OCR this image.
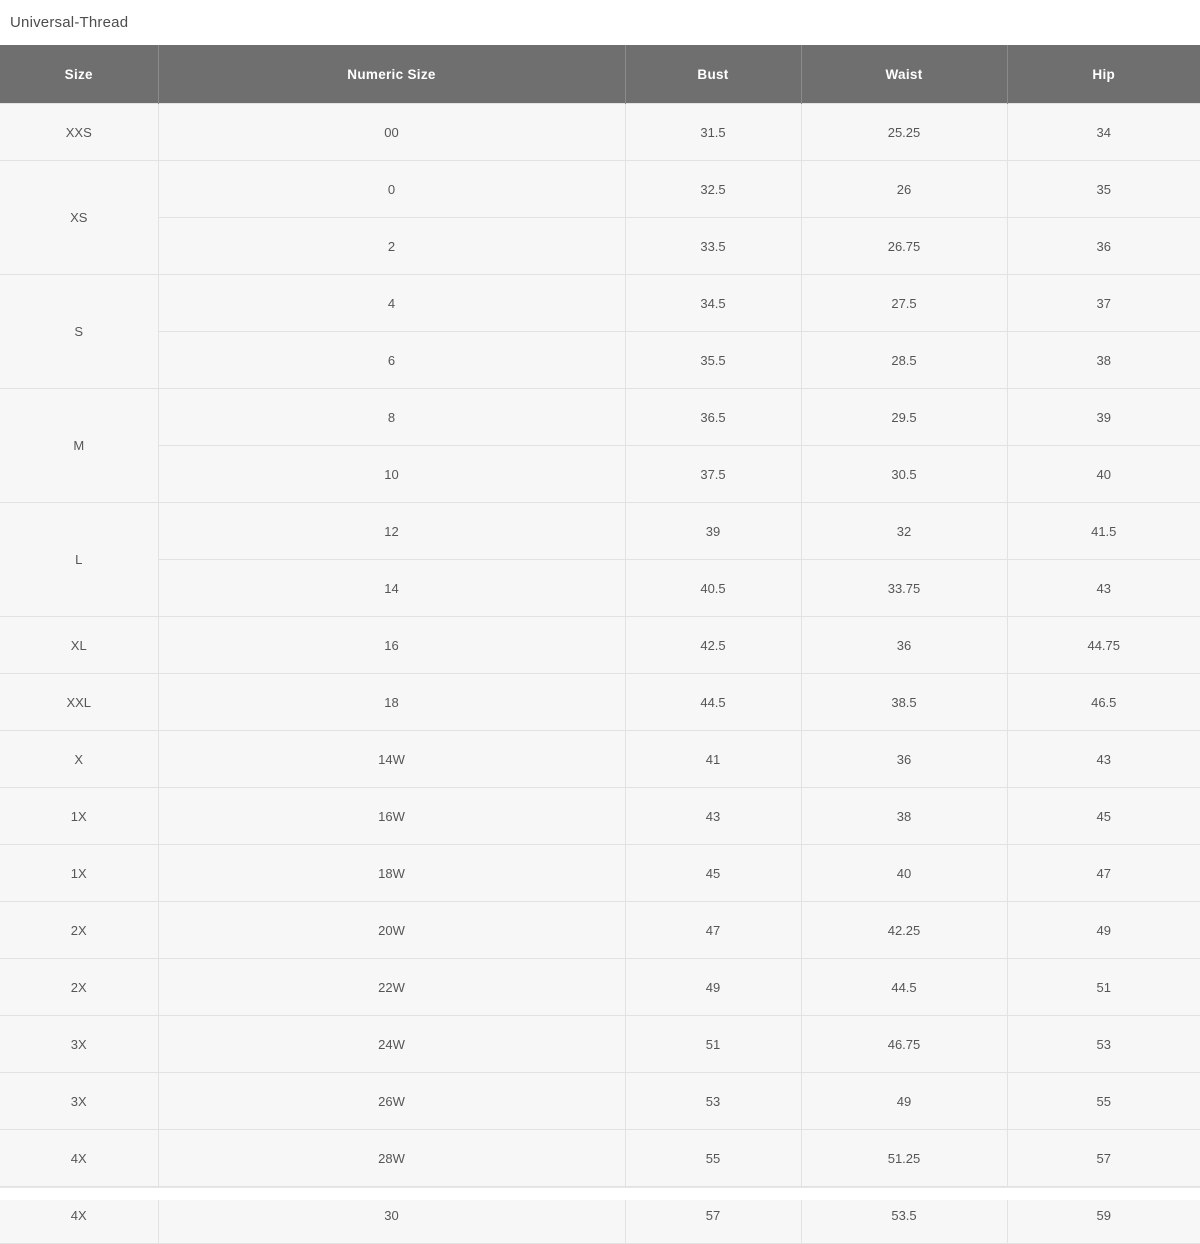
Universal-Thread
Size	Numeric Size	Bust	Waist	Hip
XXS	00	31.5	25.25	34
XS	0	32.5	26	35
	2	33.5	26.75	36
S	4	34.5	27.5	37
	6	35.5	28.5	38
M	8	36.5	29.5	39
	10	37.5	30.5	40
L	12	39	32	41.5
	14	40.5	33.75	43
XL	16	42.5	36	44.75
XXL	18	44.5	38.5	46.5
X	14W	41	36	43
1X	16W	43	38	45
1X	18W	45	40	47
2X	20W	47	42.25	49
2X	22W	49	44.5	51
3X	24W	51	46.75	53
3X	26W	53	49	55
4X	28W	55	51.25	57
4X	30	57	53.5	59
